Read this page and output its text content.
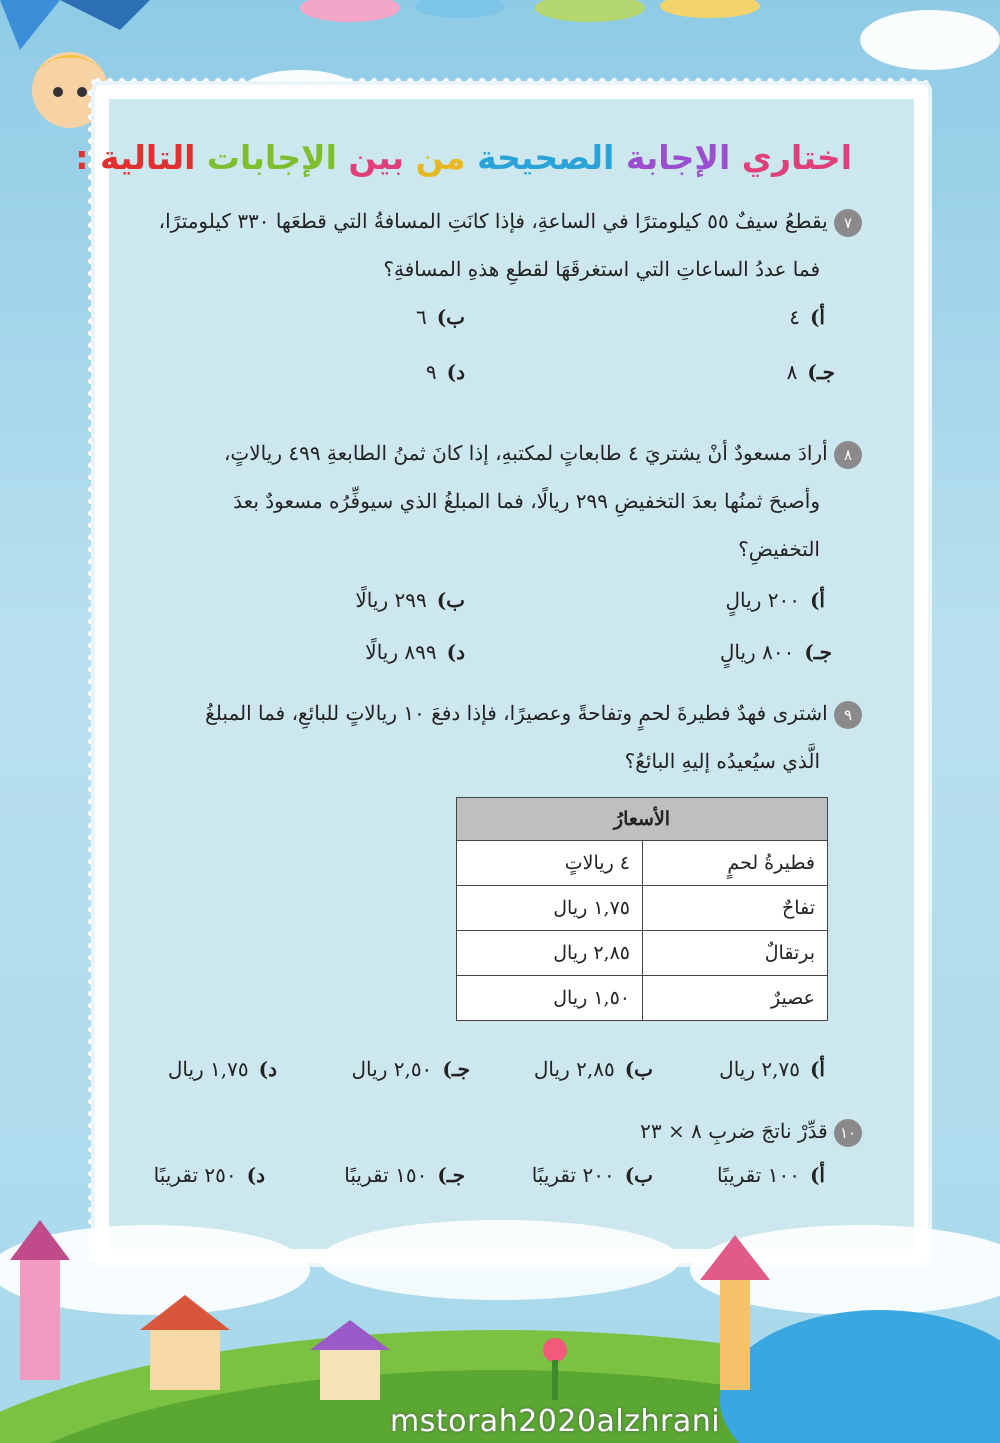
اختاري الإجابة الصحيحة من بين الإجابات التالية :
٧ يقطعُ سيفٌ ٥٥ كيلومترًا في الساعةِ، فإذا كانَتِ المسافةُ التي قطعَها ٣٣٠ كيلومترًا،
فما عددُ الساعاتِ التي استغرقَهَا لقطعِ هذهِ المسافةِ؟
أ)٤
ب)٦
جـ)٨
د)٩
٨ أرادَ مسعودٌ أنْ يشتريَ ٤ طابعاتٍ لمكتبهِ، إذا كانَ ثمنُ الطابعةِ ٤٩٩ ريالاتٍ،
وأصبحَ ثمنُها بعدَ التخفيضِ ٢٩٩ ريالًا، فما المبلغُ الذي سيوفِّرُه مسعودٌ بعدَ
التخفيضِ؟
أ)٢٠٠ ريالٍ
ب)٢٩٩ ريالًا
جـ)٨٠٠ ريالٍ
د)٨٩٩ ريالًا
٩ اشترى فهدٌ فطيرةَ لحمٍ وتفاحةً وعصيرًا، فإذا دفعَ ١٠ ريالاتٍ للبائعِ، فما المبلغُ
الَّذي سيُعيدُه إليهِ البائعُ؟
الأسعارُ	
فطيرةُ لحمٍ	٤ ريالاتٍ
تفاحٌ	١,٧٥ ريال
برتقالٌ	٢,٨٥ ريال
عصيرٌ	١,٥٠ ريال
أ)٢,٧٥ ريال
ب)٢,٨٥ ريال
جـ)٢,٥٠ ريال
د)١,٧٥ ريال
١٠ قدِّرْ ناتجَ ضربِ ٨ × ٢٣
أ)١٠٠ تقريبًا
ب)٢٠٠ تقريبًا
جـ)١٥٠ تقريبًا
د)٢٥٠ تقريبًا
mstorah2020alzhrani
